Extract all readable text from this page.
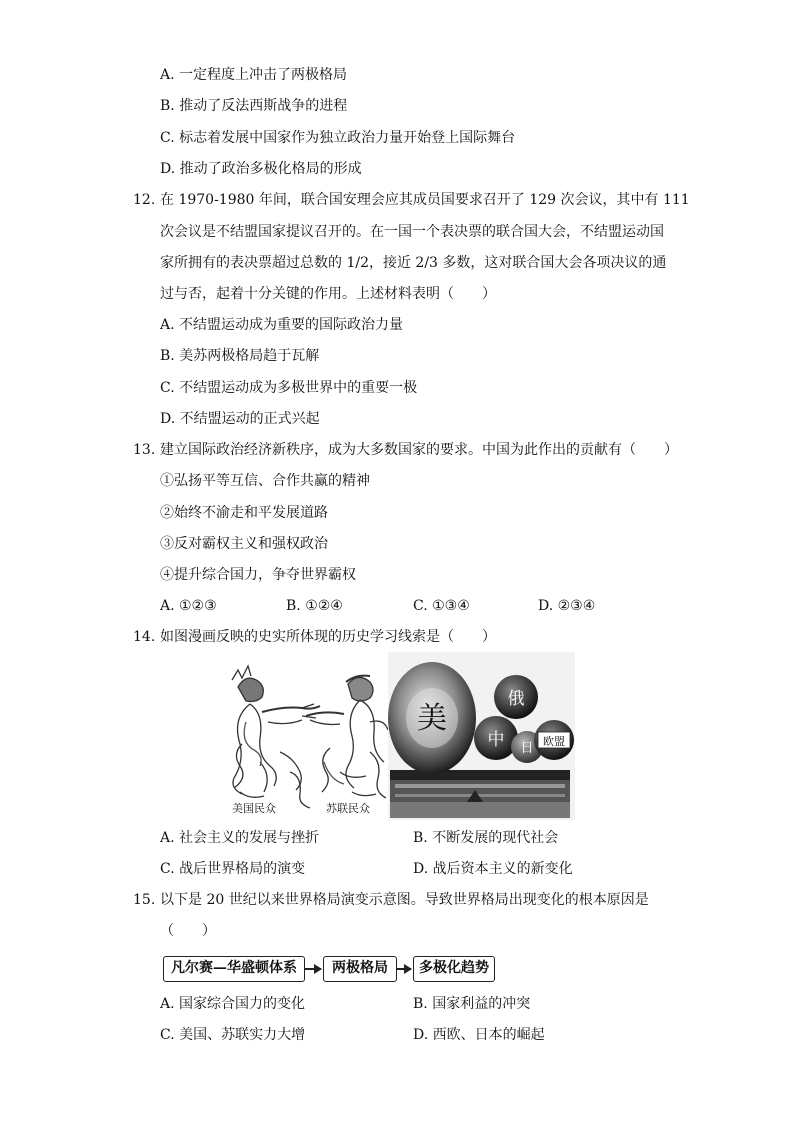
A. 一定程度上冲击了两极格局
B. 推动了反法西斯战争的进程
C. 标志着发展中国家作为独立政治力量开始登上国际舞台
D. 推动了政治多极化格局的形成
12. 在 1970-1980 年间，联合国安理会应其成员国要求召开了 129 次会议，其中有 111
次会议是不结盟国家提议召开的。在一国一个表决票的联合国大会，不结盟运动国
家所拥有的表决票超过总数的 1/2，接近 2/3 多数，这对联合国大会各项决议的通
过与否，起着十分关键的作用。上述材料表明（　　）
A. 不结盟运动成为重要的国际政治力量
B. 美苏两极格局趋于瓦解
C. 不结盟运动成为多极世界中的重要一极
D. 不结盟运动的正式兴起
13. 建立国际政治经济新秩序，成为大多数国家的要求。中国为此作出的贡献有（　　）
①弘扬平等互信、合作共赢的精神
②始终不渝走和平发展道路
③反对霸权主义和强权政治
④提升综合国力，争夺世界霸权
A. ①②③	B. ①②④	C. ①③④	D. ②③④
14. 如图漫画反映的史实所体现的历史学习线索是（　　）
美国民众	苏联民众
美
俄
中 日 欧盟
A. 社会主义的发展与挫折	B. 不断发展的现代社会
C. 战后世界格局的演变	D. 战后资本主义的新变化
15. 以下是 20 世纪以来世界格局演变示意图。导致世界格局出现变化的根本原因是
（　　）
凡尔赛—华盛顿体系	两极格局	多极化趋势
A. 国家综合国力的变化	B. 国家利益的冲突
C. 美国、苏联实力大增	D. 西欧、日本的崛起
